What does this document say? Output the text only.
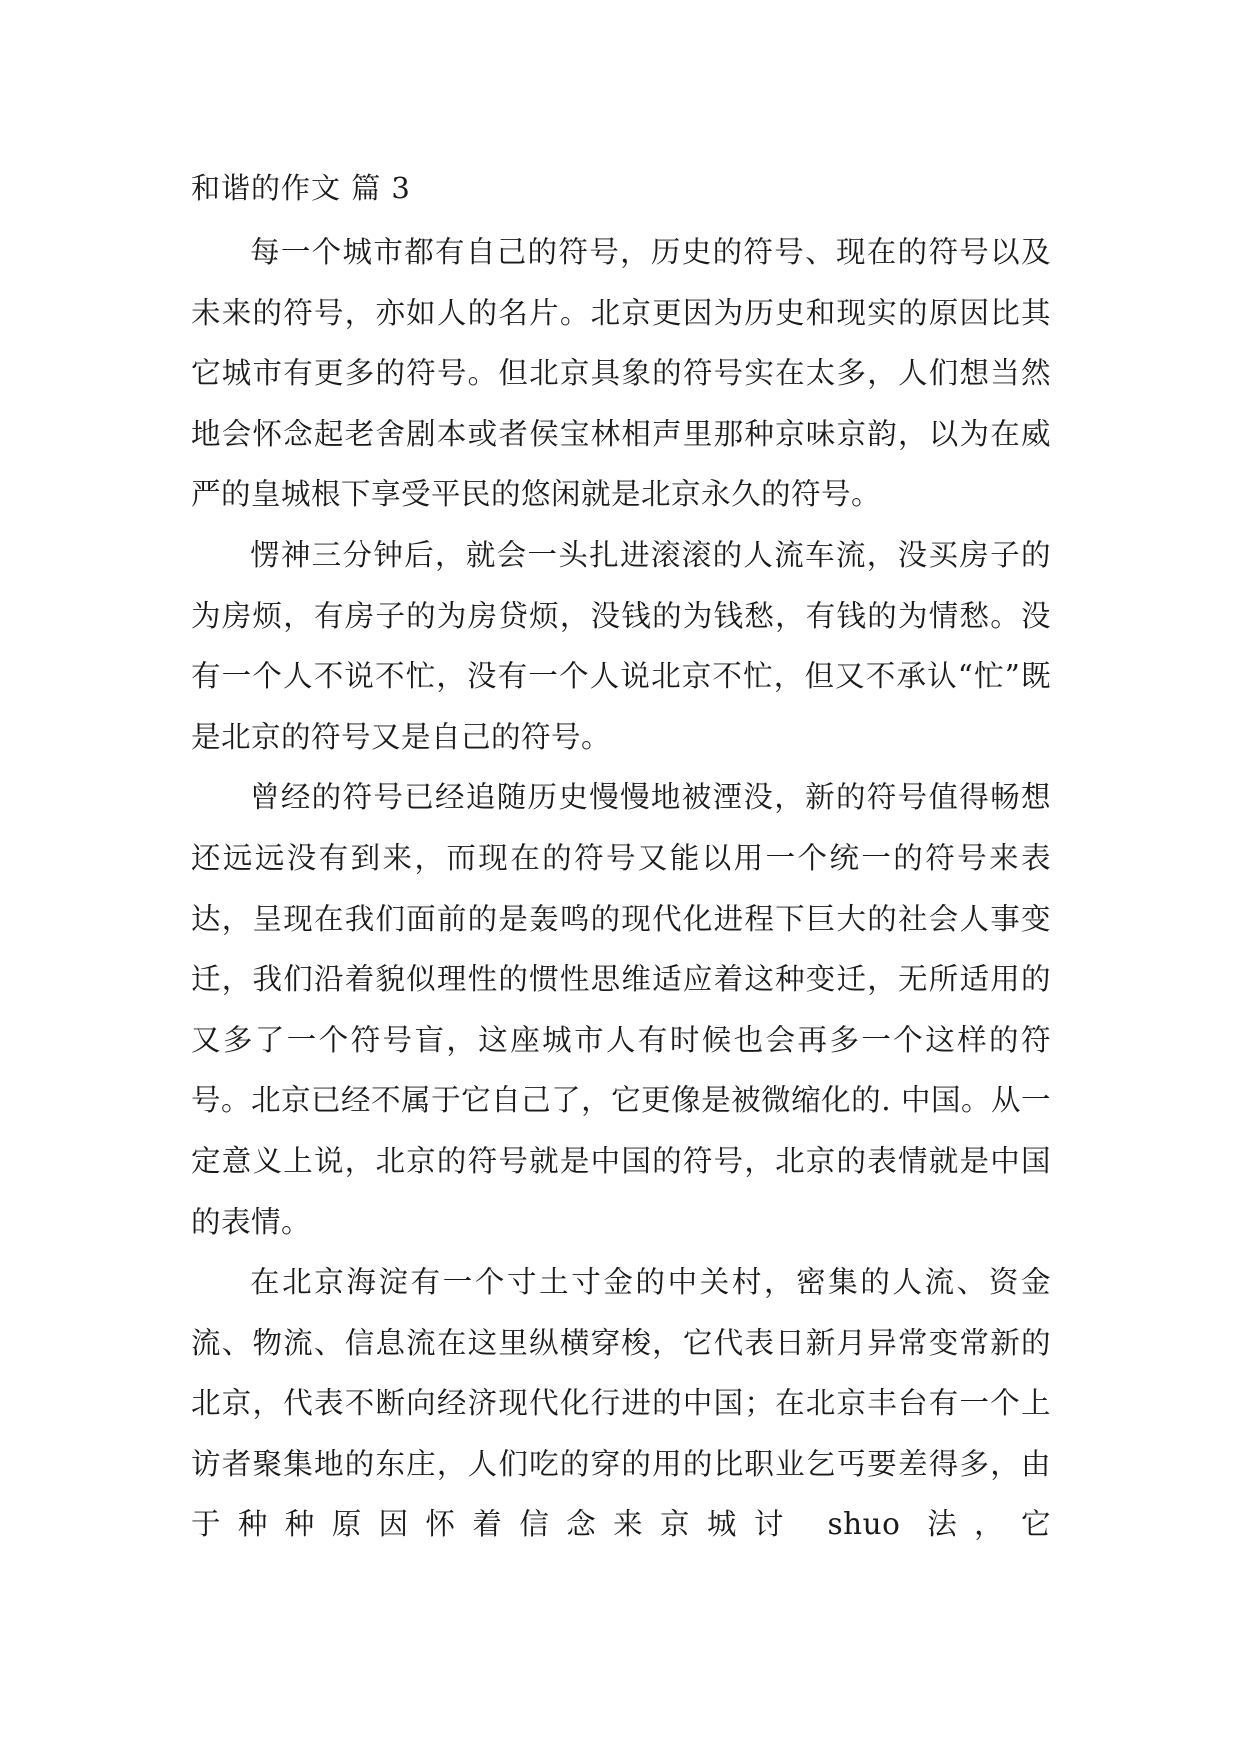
和谐的作文 篇 3

每一个城市都有自己的符号，历史的符号、现在的符号以及未来的符号，亦如人的名片。北京更因为历史和现实的原因比其它城市有更多的符号。但北京具象的符号实在太多，人们想当然地会怀念起老舍剧本或者侯宝林相声里那种京味京韵，以为在威严的皇城根下享受平民的悠闲就是北京永久的符号。

愣神三分钟后，就会一头扎进滚滚的人流车流，没买房子的为房烦，有房子的为房贷烦，没钱的为钱愁，有钱的为情愁。没有一个人不说不忙，没有一个人说北京不忙，但又不承认“忙”既是北京的符号又是自己的符号。

曾经的符号已经追随历史慢慢地被湮没，新的符号值得畅想还远远没有到来，而现在的符号又能以用一个统一的符号来表达，呈现在我们面前的是轰鸣的现代化进程下巨大的社会人事变迁，我们沿着貌似理性的惯性思维适应着这种变迁，无所适用的又多了一个符号盲，这座城市人有时候也会再多一个这样的符号。北京已经不属于它自己了，它更像是被微缩化的. 中国。从一定意义上说，北京的符号就是中国的符号，北京的表情就是中国的表情。

在北京海淀有一个寸土寸金的中关村，密集的人流、资金流、物流、信息流在这里纵横穿梭，它代表日新月异常变常新的北京，代表不断向经济现代化行进的中国；在北京丰台有一个上访者聚集地的东庄，人们吃的穿的用的比职业乞丐要差得多，由于种种原因怀着信念来京城讨 shuo 法，它
